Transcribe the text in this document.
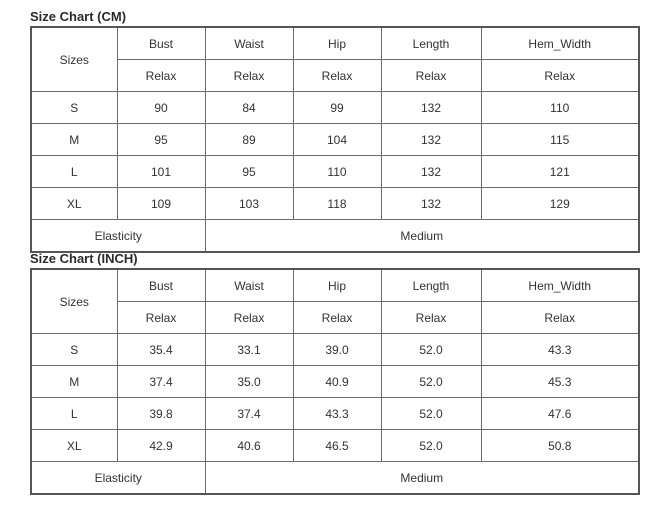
Size Chart (CM)
Sizes	Bust	Waist	Hip	Length	Hem_Width
	Relax	Relax	Relax	Relax	Relax
S	90	84	99	132	110
M	95	89	104	132	115
L	101	95	110	132	121
XL	109	103	118	132	129
Elasticity		Medium			
Size Chart (INCH)
Sizes	Bust	Waist	Hip	Length	Hem_Width
	Relax	Relax	Relax	Relax	Relax
S	35.4	33.1	39.0	52.0	43.3
M	37.4	35.0	40.9	52.0	45.3
L	39.8	37.4	43.3	52.0	47.6
XL	42.9	40.6	46.5	52.0	50.8
Elasticity		Medium			
